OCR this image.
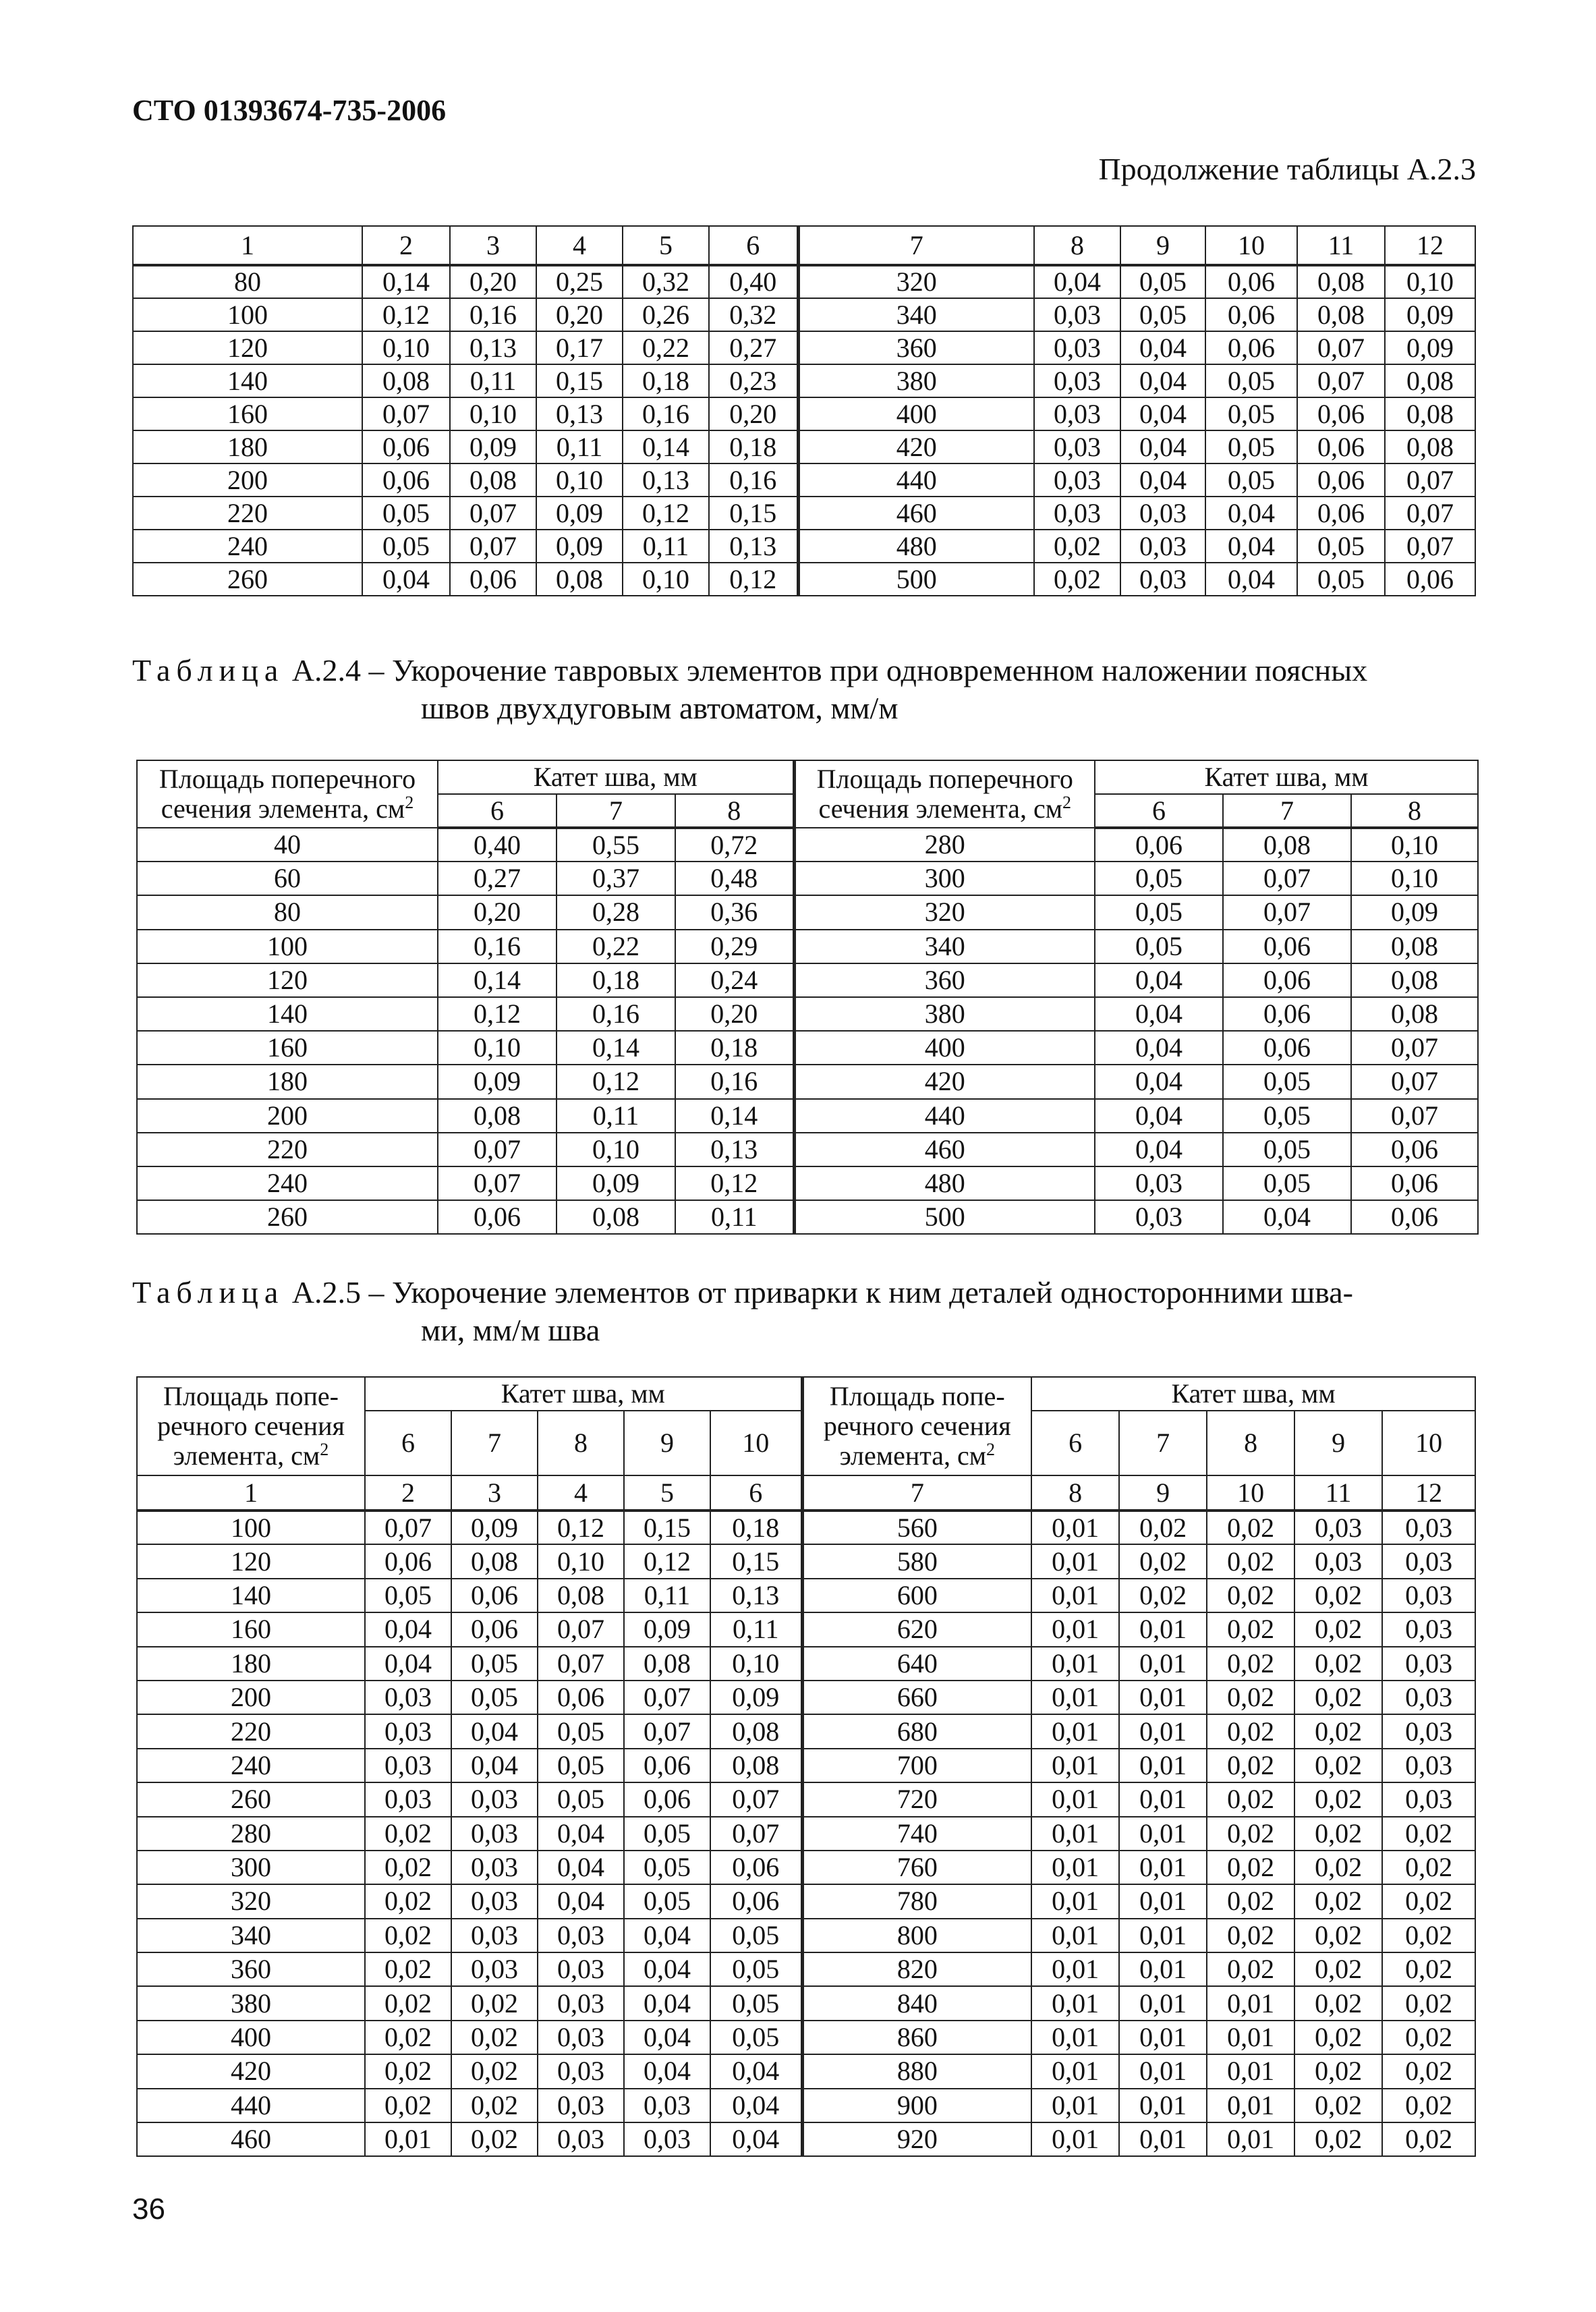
СТО 01393674-735-2006
Продолжение таблицы А.2.3
1	2	3	4	5	6	7	8	9	10	11	12
80	0,14	0,20	0,25	0,32	0,40	320	0,04	0,05	0,06	0,08	0,10
100	0,12	0,16	0,20	0,26	0,32	340	0,03	0,05	0,06	0,08	0,09
120	0,10	0,13	0,17	0,22	0,27	360	0,03	0,04	0,06	0,07	0,09
140	0,08	0,11	0,15	0,18	0,23	380	0,03	0,04	0,05	0,07	0,08
160	0,07	0,10	0,13	0,16	0,20	400	0,03	0,04	0,05	0,06	0,08
180	0,06	0,09	0,11	0,14	0,18	420	0,03	0,04	0,05	0,06	0,08
200	0,06	0,08	0,10	0,13	0,16	440	0,03	0,04	0,05	0,06	0,07
220	0,05	0,07	0,09	0,12	0,15	460	0,03	0,03	0,04	0,06	0,07
240	0,05	0,07	0,09	0,11	0,13	480	0,02	0,03	0,04	0,05	0,07
260	0,04	0,06	0,08	0,10	0,12	500	0,02	0,03	0,04	0,05	0,06
Таблица А.2.4 – Укорочение тавровых элементов при одновременном наложении поясных
швов двухдуговым автоматом, мм/м
Площадь поперечного сечения элемента, $см^2$	Катет шва, мм			Площадь поперечного сечения элемента, $см^2$	Катет шва, мм		
	6	7	8		6	7	8
40	0,40	0,55	0,72	280	0,06	0,08	0,10
60	0,27	0,37	0,48	300	0,05	0,07	0,10
80	0,20	0,28	0,36	320	0,05	0,07	0,09
100	0,16	0,22	0,29	340	0,05	0,06	0,08
120	0,14	0,18	0,24	360	0,04	0,06	0,08
140	0,12	0,16	0,20	380	0,04	0,06	0,08
160	0,10	0,14	0,18	400	0,04	0,06	0,07
180	0,09	0,12	0,16	420	0,04	0,05	0,07
200	0,08	0,11	0,14	440	0,04	0,05	0,07
220	0,07	0,10	0,13	460	0,04	0,05	0,06
240	0,07	0,09	0,12	480	0,03	0,05	0,06
260	0,06	0,08	0,11	500	0,03	0,04	0,06
Таблица А.2.5 – Укорочение элементов от приварки к ним деталей односторонними шва-
ми, мм/м шва
Площадь попе-речного сечения элемента, $см^2$	Катет шва, мм					Площадь попе-речного сечения элемента, $см^2$	Катет шва, мм				
	6	7	8	9	10		6	7	8	9	10
1	2	3	4	5	6	7	8	9	10	11	12
100	0,07	0,09	0,12	0,15	0,18	560	0,01	0,02	0,02	0,03	0,03
120	0,06	0,08	0,10	0,12	0,15	580	0,01	0,02	0,02	0,03	0,03
140	0,05	0,06	0,08	0,11	0,13	600	0,01	0,02	0,02	0,02	0,03
160	0,04	0,06	0,07	0,09	0,11	620	0,01	0,01	0,02	0,02	0,03
180	0,04	0,05	0,07	0,08	0,10	640	0,01	0,01	0,02	0,02	0,03
200	0,03	0,05	0,06	0,07	0,09	660	0,01	0,01	0,02	0,02	0,03
220	0,03	0,04	0,05	0,07	0,08	680	0,01	0,01	0,02	0,02	0,03
240	0,03	0,04	0,05	0,06	0,08	700	0,01	0,01	0,02	0,02	0,03
260	0,03	0,03	0,05	0,06	0,07	720	0,01	0,01	0,02	0,02	0,03
280	0,02	0,03	0,04	0,05	0,07	740	0,01	0,01	0,02	0,02	0,02
300	0,02	0,03	0,04	0,05	0,06	760	0,01	0,01	0,02	0,02	0,02
320	0,02	0,03	0,04	0,05	0,06	780	0,01	0,01	0,02	0,02	0,02
340	0,02	0,03	0,03	0,04	0,05	800	0,01	0,01	0,02	0,02	0,02
360	0,02	0,03	0,03	0,04	0,05	820	0,01	0,01	0,02	0,02	0,02
380	0,02	0,02	0,03	0,04	0,05	840	0,01	0,01	0,01	0,02	0,02
400	0,02	0,02	0,03	0,04	0,05	860	0,01	0,01	0,01	0,02	0,02
420	0,02	0,02	0,03	0,04	0,04	880	0,01	0,01	0,01	0,02	0,02
440	0,02	0,02	0,03	0,03	0,04	900	0,01	0,01	0,01	0,02	0,02
460	0,01	0,02	0,03	0,03	0,04	920	0,01	0,01	0,01	0,02	0,02
36
